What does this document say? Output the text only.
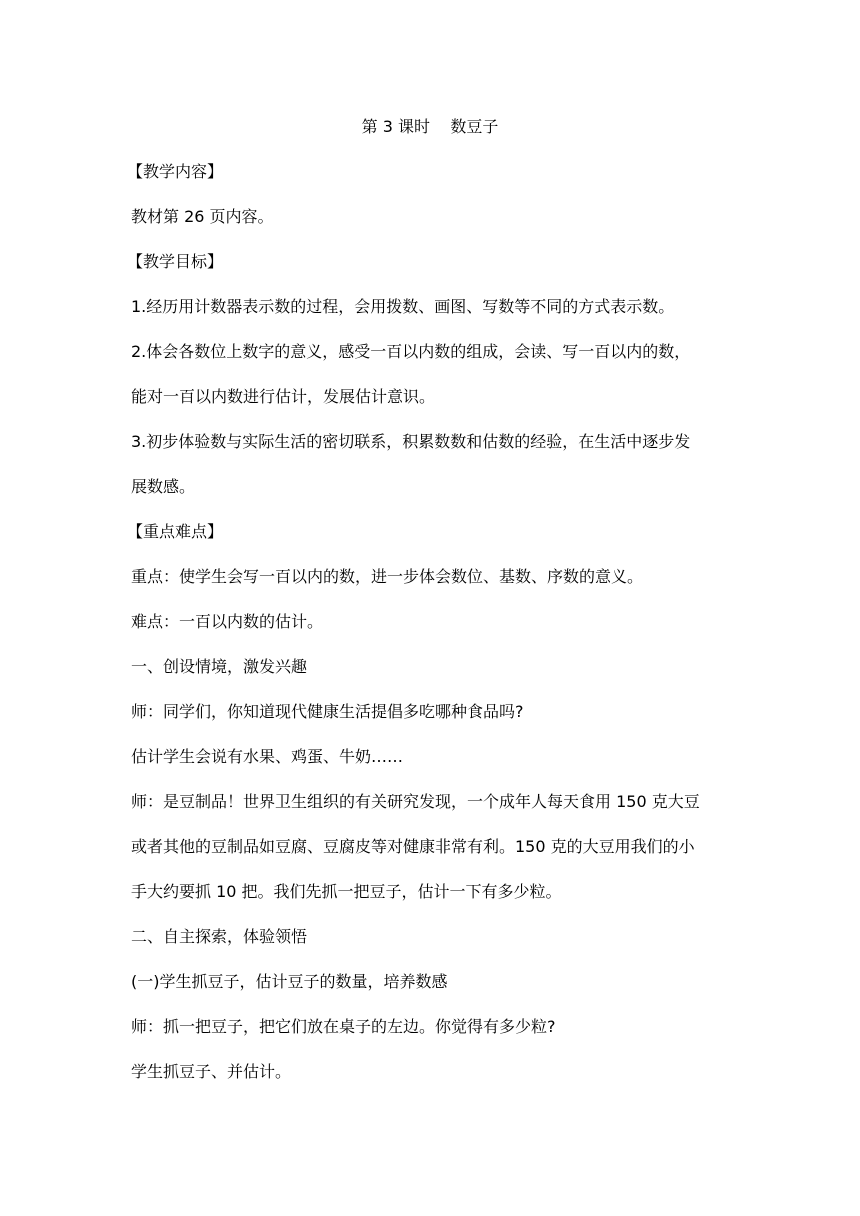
第 3 课时    数豆子
【教学内容】
教材第 26 页内容。
【教学目标】
1.经历用计数器表示数的过程，会用拨数、画图、写数等不同的方式表示数。
2.体会各数位上数字的意义，感受一百以内数的组成，会读、写一百以内的数，
能对一百以内数进行估计，发展估计意识。
3.初步体验数与实际生活的密切联系，积累数数和估数的经验，在生活中逐步发
展数感。
【重点难点】
重点：使学生会写一百以内的数，进一步体会数位、基数、序数的意义。
难点：一百以内数的估计。
一、创设情境，激发兴趣
师：同学们，你知道现代健康生活提倡多吃哪种食品吗?
估计学生会说有水果、鸡蛋、牛奶……
师：是豆制品！世界卫生组织的有关研究发现，一个成年人每天食用 150 克大豆
或者其他的豆制品如豆腐、豆腐皮等对健康非常有利。150 克的大豆用我们的小
手大约要抓 10 把。我们先抓一把豆子，估计一下有多少粒。
二、自主探索，体验领悟
(一)学生抓豆子，估计豆子的数量，培养数感
师：抓一把豆子，把它们放在桌子的左边。你觉得有多少粒?
学生抓豆子、并估计。
